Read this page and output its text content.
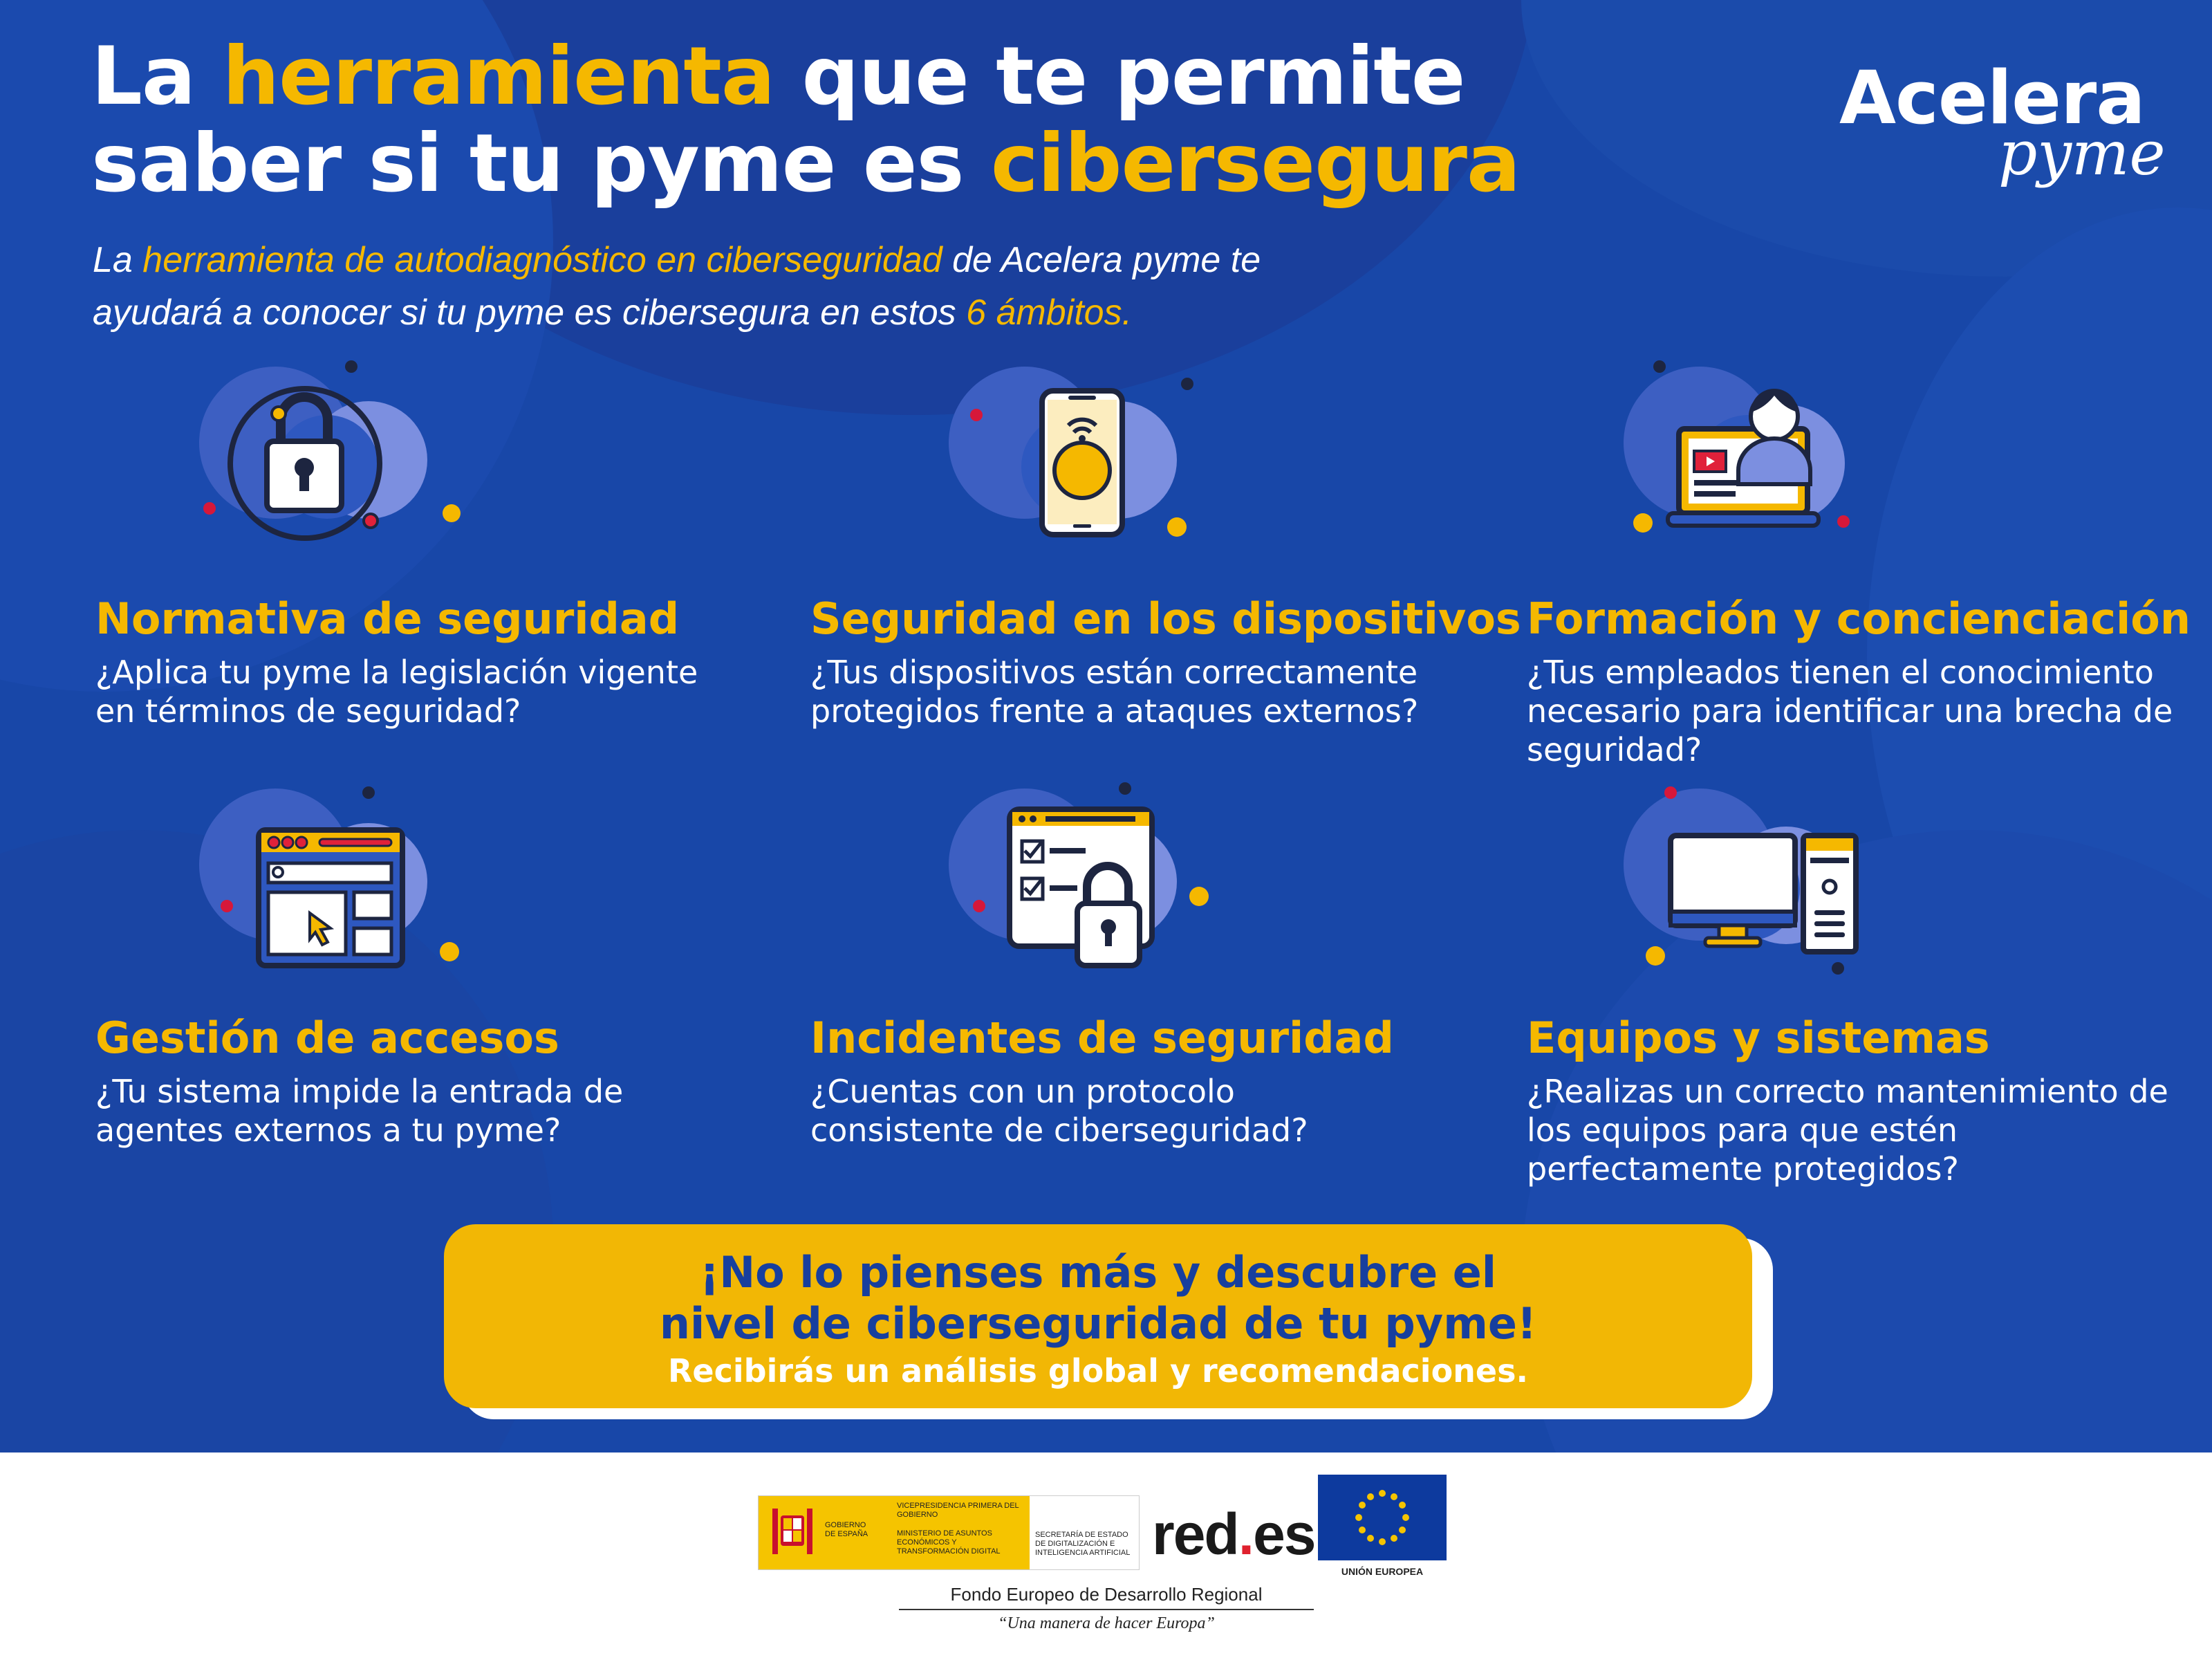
La herramienta que te permite
saber si tu pyme es cibersegura

La herramienta de autodiagnóstico en ciberseguridad de Acelera pyme te
ayudará a conocer si tu pyme es cibersegura en estos 6 ámbitos.

Acelera
pyme
Normativa de seguridad

¿Aplica tu pyme la legislación vigente en términos de seguridad?

Seguridad en los dispositivos

¿Tus dispositivos están correctamente protegidos frente a ataques externos?

Formación y concienciación

¿Tus empleados tienen el conocimiento necesario para identificar una brecha de seguridad?

Gestión de accesos

¿Tu sistema impide la entrada de agentes externos a tu pyme?

Incidentes de seguridad

¿Cuentas con un protocolo consistente de ciberseguridad?

Equipos y sistemas

¿Realizas un correcto mantenimiento de los equipos para que estén perfectamente protegidos?

¡No lo pienses más y descubre el
nivel de ciberseguridad de tu pyme!
Recibirás un análisis global y recomendaciones.
GOBIERNO DE ESPAÑA
VICEPRESIDENCIA PRIMERA DEL GOBIERNO
MINISTERIO DE ASUNTOS ECONÓMICOS Y TRANSFORMACIÓN DIGITAL
SECRETARÍA DE ESTADO DE DIGITALIZACIÓN E INTELIGENCIA ARTIFICIAL red.es
UNIÓN EUROPEA
Fondo Europeo de Desarrollo Regional
“Una manera de hacer Europa”
